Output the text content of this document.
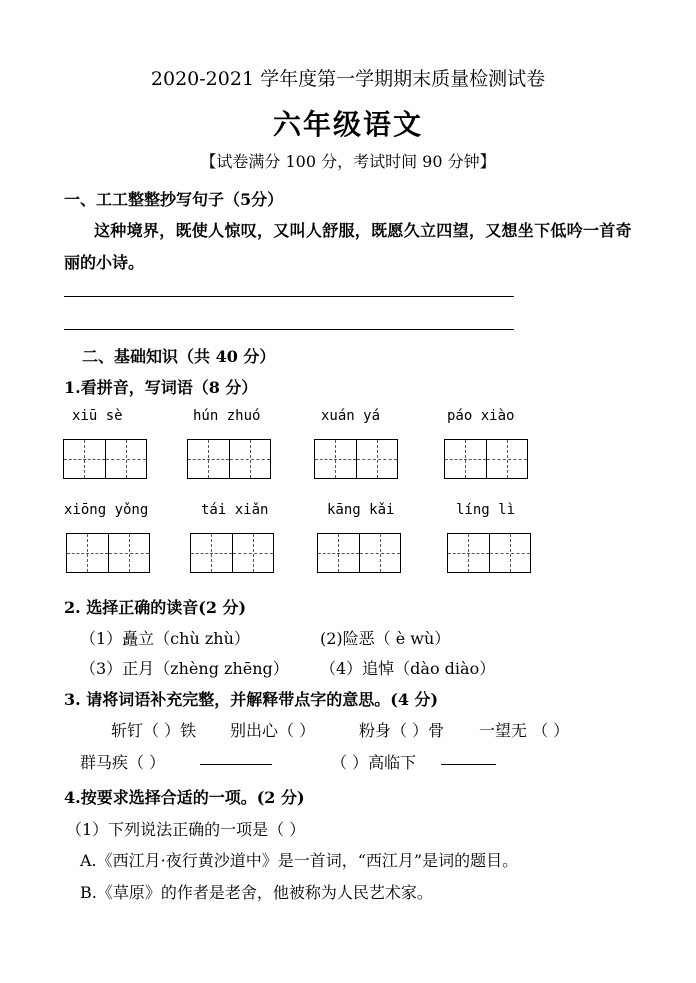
2020-2021 学年度第一学期期末质量检测试卷
六年级语文
【试卷满分 100 分，考试时间 90 分钟】
一、工工整整抄写句子（5分）
这种境界，既使人惊叹，又叫人舒服，既愿久立四望，又想坐下低吟一首奇
丽的小诗。
二、基础知识（共 40 分）
1.看拼音，写词语（8 分）
xiū sè	hún zhuó	xuán yá	páo xiào
xiōng yǒng	tái xiǎn	kāng kǎi	líng lì
2. 选择正确的读音(2 分)
（1）矗立（chù zhù）	(2)险恶（ è wù）
（3）正月（zhèng zhēng） （4）追悼（dào diào）
3. 请将词语补充完整，并解释带点字的意思。(4 分)
斩钉（ ）铁 别出心（ ）	粉身（ ）骨 一望无 （ ）
群马疾（ ）	（ ）高临下
4.按要求选择合适的一项。(2 分)
（1）下列说法正确的一项是（ ）
A.《西江月·夜行黄沙道中》是一首词，“西江月”是词的题目。
B.《草原》的作者是老舍，他被称为人民艺术家。
